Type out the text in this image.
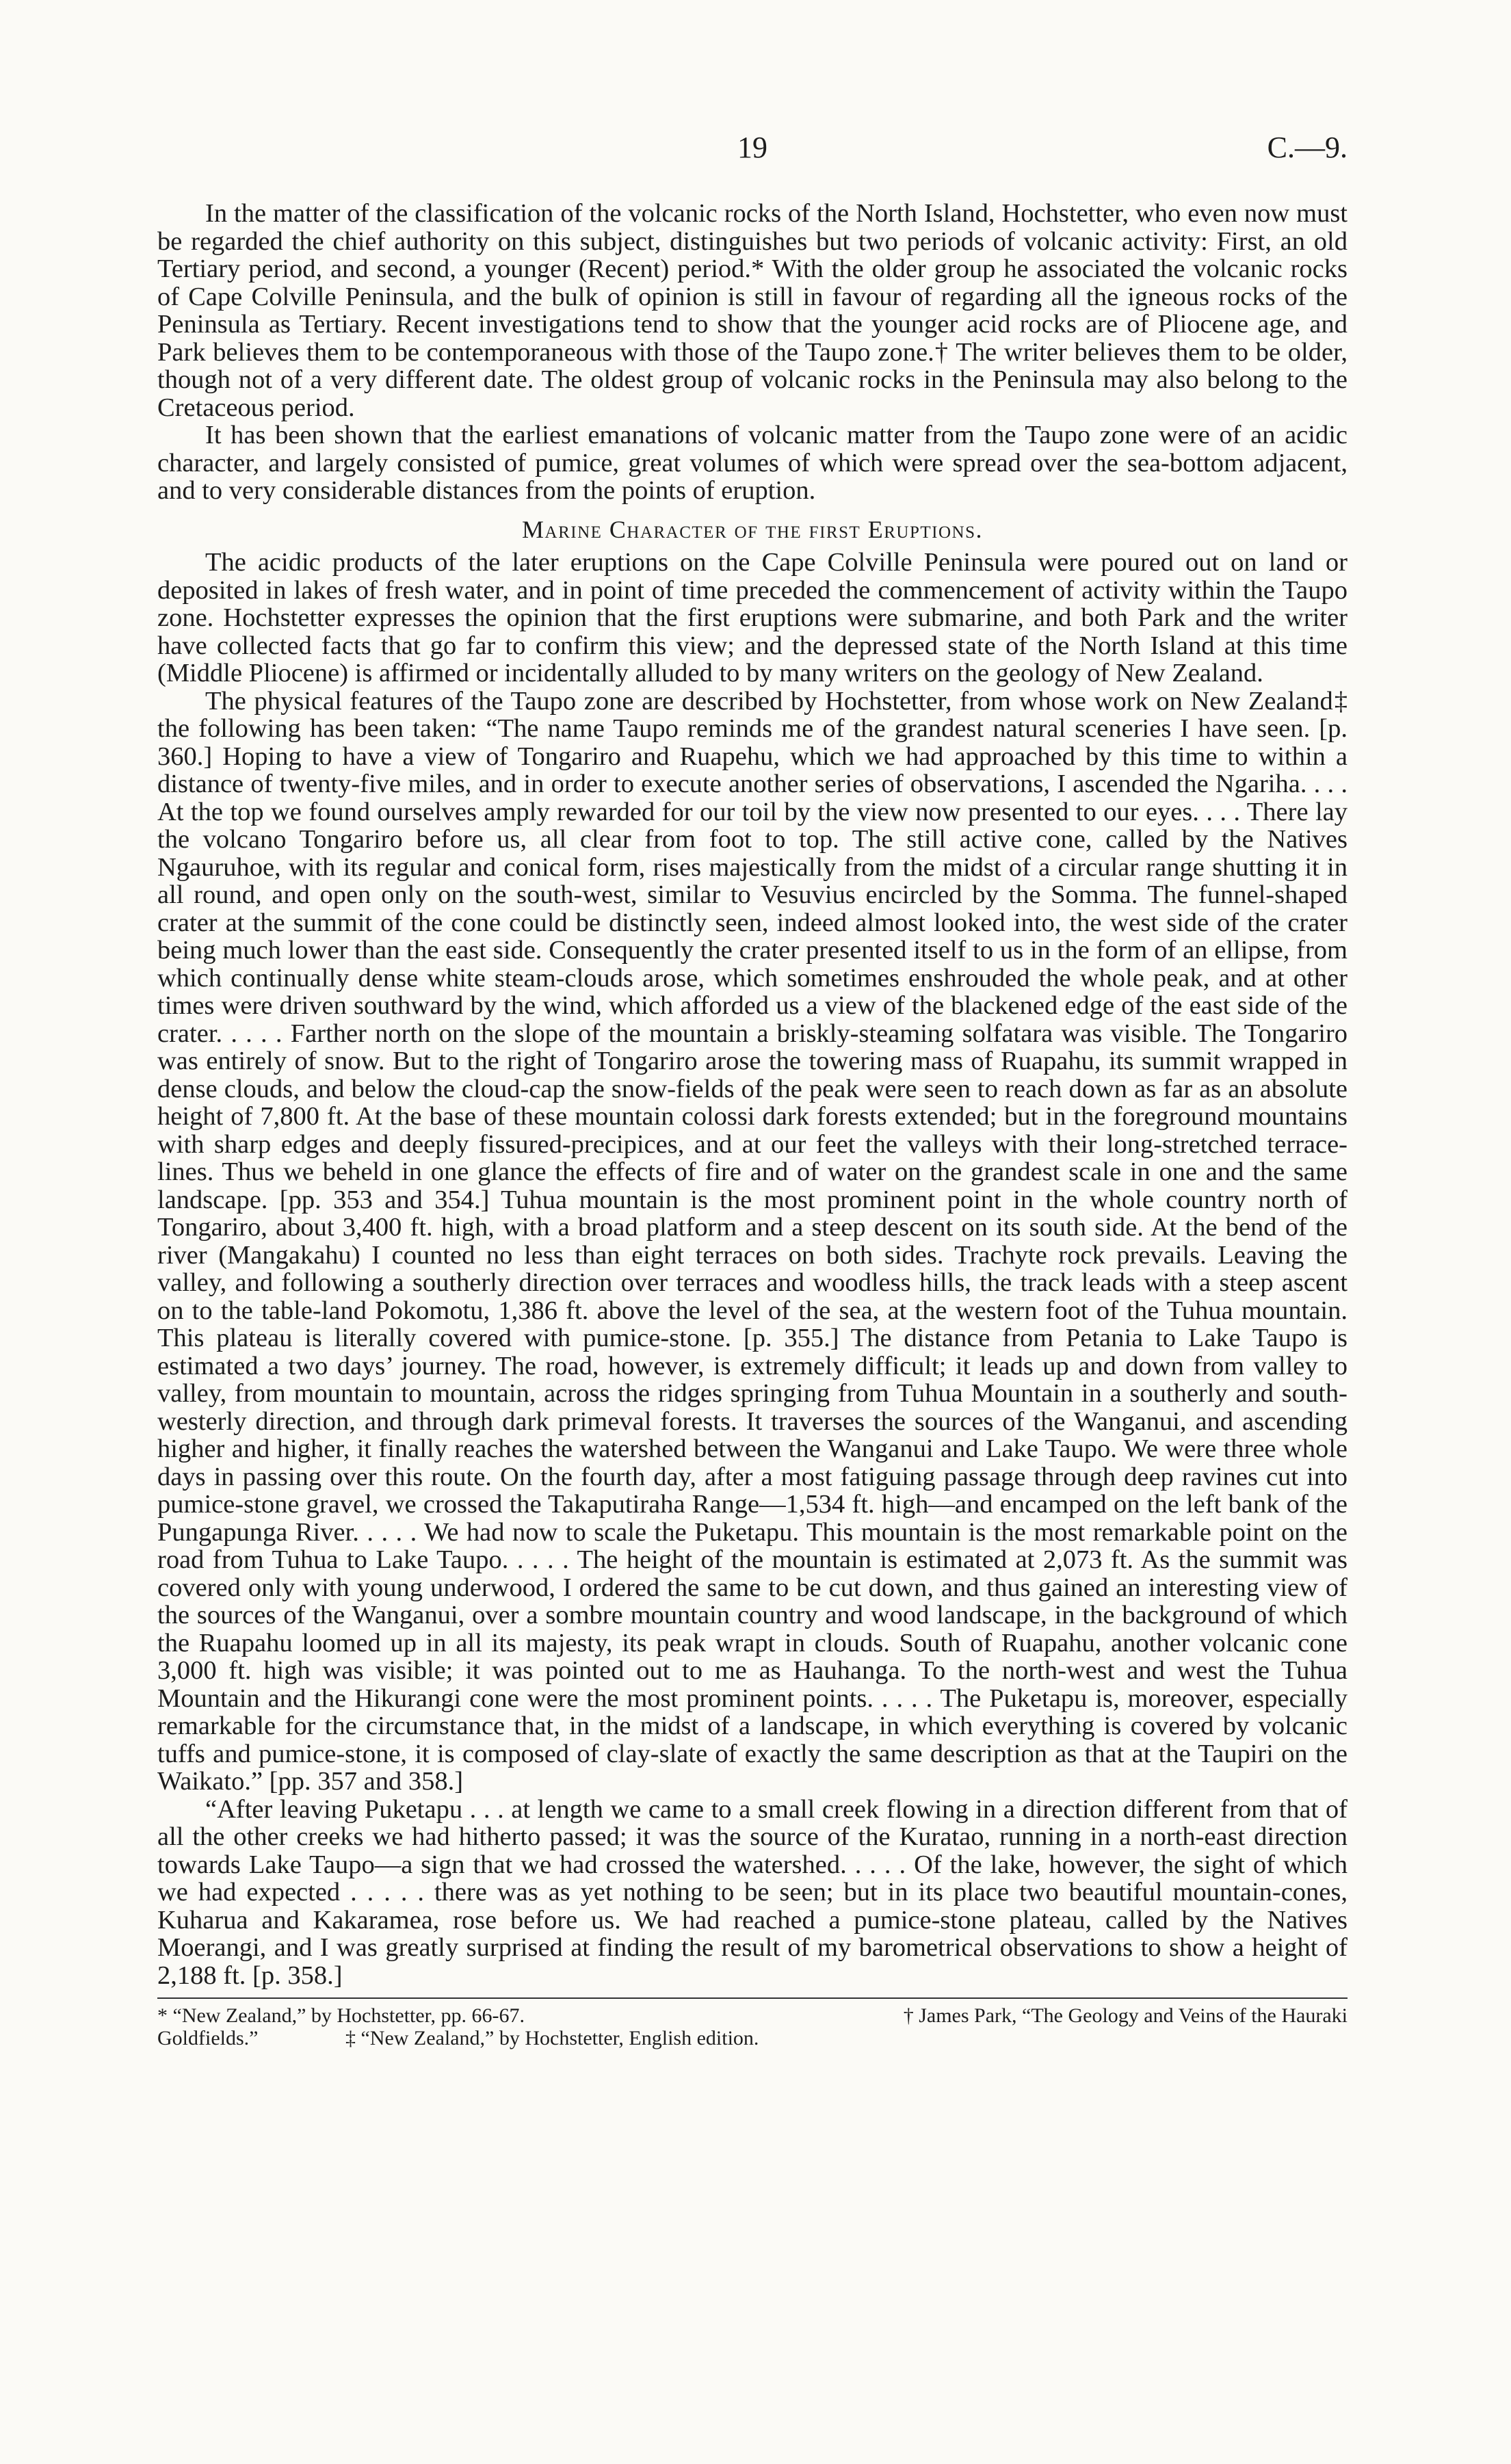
19	C.—9.

In the matter of the classification of the volcanic rocks of the North Island, Hochstetter, who even now must be regarded the chief authority on this subject, distinguishes but two periods of volcanic activity: First, an old Tertiary period, and second, a younger (Recent) period.* With the older group he associated the volcanic rocks of Cape Colville Peninsula, and the bulk of opinion is still in favour of regarding all the igneous rocks of the Peninsula as Tertiary. Recent investigations tend to show that the younger acid rocks are of Pliocene age, and Park believes them to be contemporaneous with those of the Taupo zone.† The writer believes them to be older, though not of a very different date. The oldest group of volcanic rocks in the Peninsula may also belong to the Cretaceous period.

It has been shown that the earliest emanations of volcanic matter from the Taupo zone were of an acidic character, and largely consisted of pumice, great volumes of which were spread over the sea-bottom adjacent, and to very considerable distances from the points of eruption.

Marine Character of the first Eruptions.

The acidic products of the later eruptions on the Cape Colville Peninsula were poured out on land or deposited in lakes of fresh water, and in point of time preceded the commencement of activity within the Taupo zone. Hochstetter expresses the opinion that the first eruptions were submarine, and both Park and the writer have collected facts that go far to confirm this view; and the depressed state of the North Island at this time (Middle Pliocene) is affirmed or incidentally alluded to by many writers on the geology of New Zealand.

The physical features of the Taupo zone are described by Hochstetter, from whose work on New Zealand‡ the following has been taken: “The name Taupo reminds me of the grandest natural sceneries I have seen. [p. 360.] Hoping to have a view of Tongariro and Ruapehu, which we had approached by this time to within a distance of twenty-five miles, and in order to execute another series of observations, I ascended the Ngariha. . . . At the top we found ourselves amply rewarded for our toil by the view now presented to our eyes. . . . There lay the volcano Tongariro before us, all clear from foot to top. The still active cone, called by the Natives Ngauruhoe, with its regular and conical form, rises majestically from the midst of a circular range shutting it in all round, and open only on the south-west, similar to Vesuvius encircled by the Somma. The funnel-shaped crater at the summit of the cone could be distinctly seen, indeed almost looked into, the west side of the crater being much lower than the east side. Consequently the crater presented itself to us in the form of an ellipse, from which continually dense white steam-clouds arose, which sometimes enshrouded the whole peak, and at other times were driven southward by the wind, which afforded us a view of the blackened edge of the east side of the crater. . . . . Farther north on the slope of the mountain a briskly-steaming solfatara was visible. The Tongariro was entirely of snow. But to the right of Tongariro arose the towering mass of Ruapahu, its summit wrapped in dense clouds, and below the cloud-cap the snow-fields of the peak were seen to reach down as far as an absolute height of 7,800 ft. At the base of these mountain colossi dark forests extended; but in the foreground mountains with sharp edges and deeply fissured-precipices, and at our feet the valleys with their long-stretched terrace-lines. Thus we beheld in one glance the effects of fire and of water on the grandest scale in one and the same landscape. [pp. 353 and 354.] Tuhua mountain is the most prominent point in the whole country north of Tongariro, about 3,400 ft. high, with a broad platform and a steep descent on its south side. At the bend of the river (Mangakahu) I counted no less than eight terraces on both sides. Trachyte rock prevails. Leaving the valley, and following a southerly direction over terraces and woodless hills, the track leads with a steep ascent on to the table-land Pokomotu, 1,386 ft. above the level of the sea, at the western foot of the Tuhua mountain. This plateau is literally covered with pumice-stone. [p. 355.] The distance from Petania to Lake Taupo is estimated a two days’ journey. The road, however, is extremely difficult; it leads up and down from valley to valley, from mountain to mountain, across the ridges springing from Tuhua Mountain in a southerly and south-westerly direction, and through dark primeval forests. It traverses the sources of the Wanganui, and ascending higher and higher, it finally reaches the watershed between the Wanganui and Lake Taupo. We were three whole days in passing over this route. On the fourth day, after a most fatiguing passage through deep ravines cut into pumice-stone gravel, we crossed the Takaputiraha Range—1,534 ft. high—and encamped on the left bank of the Pungapunga River. . . . . We had now to scale the Puketapu. This mountain is the most remarkable point on the road from Tuhua to Lake Taupo. . . . . The height of the mountain is estimated at 2,073 ft. As the summit was covered only with young underwood, I ordered the same to be cut down, and thus gained an interesting view of the sources of the Wanganui, over a sombre mountain country and wood landscape, in the background of which the Ruapahu loomed up in all its majesty, its peak wrapt in clouds. South of Ruapahu, another volcanic cone 3,000 ft. high was visible; it was pointed out to me as Hauhanga. To the north-west and west the Tuhua Mountain and the Hikurangi cone were the most prominent points. . . . . The Puketapu is, moreover, especially remarkable for the circumstance that, in the midst of a landscape, in which everything is covered by volcanic tuffs and pumice-stone, it is composed of clay-slate of exactly the same description as that at the Taupiri on the Waikato.” [pp. 357 and 358.]

“After leaving Puketapu . . . at length we came to a small creek flowing in a direction different from that of all the other creeks we had hitherto passed; it was the source of the Kuratao, running in a north-east direction towards Lake Taupo—a sign that we had crossed the watershed. . . . . Of the lake, however, the sight of which we had expected . . . . . there was as yet nothing to be seen; but in its place two beautiful mountain-cones, Kuharua and Kakaramea, rose before us. We had reached a pumice-stone plateau, called by the Natives Moerangi, and I was greatly surprised at finding the result of my barometrical observations to show a height of 2,188 ft. [p. 358.]

* “New Zealand,” by Hochstetter, pp. 66-67.	† James Park, “The Geology and Veins of the Hauraki
Goldfields.”	‡ “New Zealand,” by Hochstetter, English edition.
